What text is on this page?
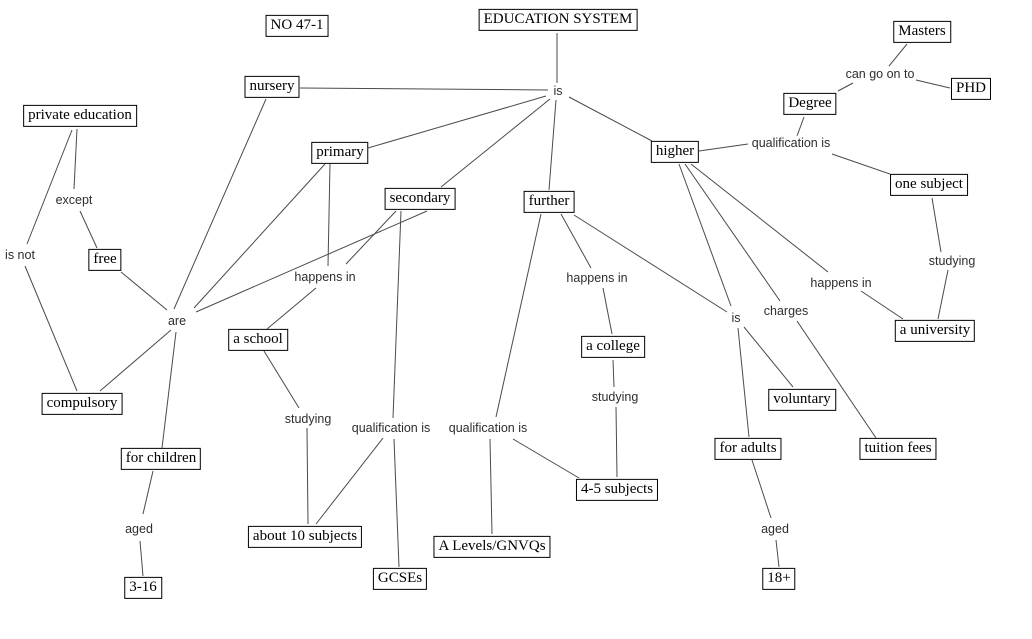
NO 47-1	EDUCATION SYSTEM
Masters
PHD
Degree
one subject
nursery
primary
secondary	further
higher
private education
free
a school	a college
a university
compulsory	voluntary
for children
for adults	tuition fees
4-5 subjects
about 10 subjects
A Levels/GNVQs
GCSEs
3-16
18+
is
can go on to
qualification is
except
is not
are
happens in	happens in	happens in
charges
is
studying
studying
studying
qualification is qualification is
aged	aged
